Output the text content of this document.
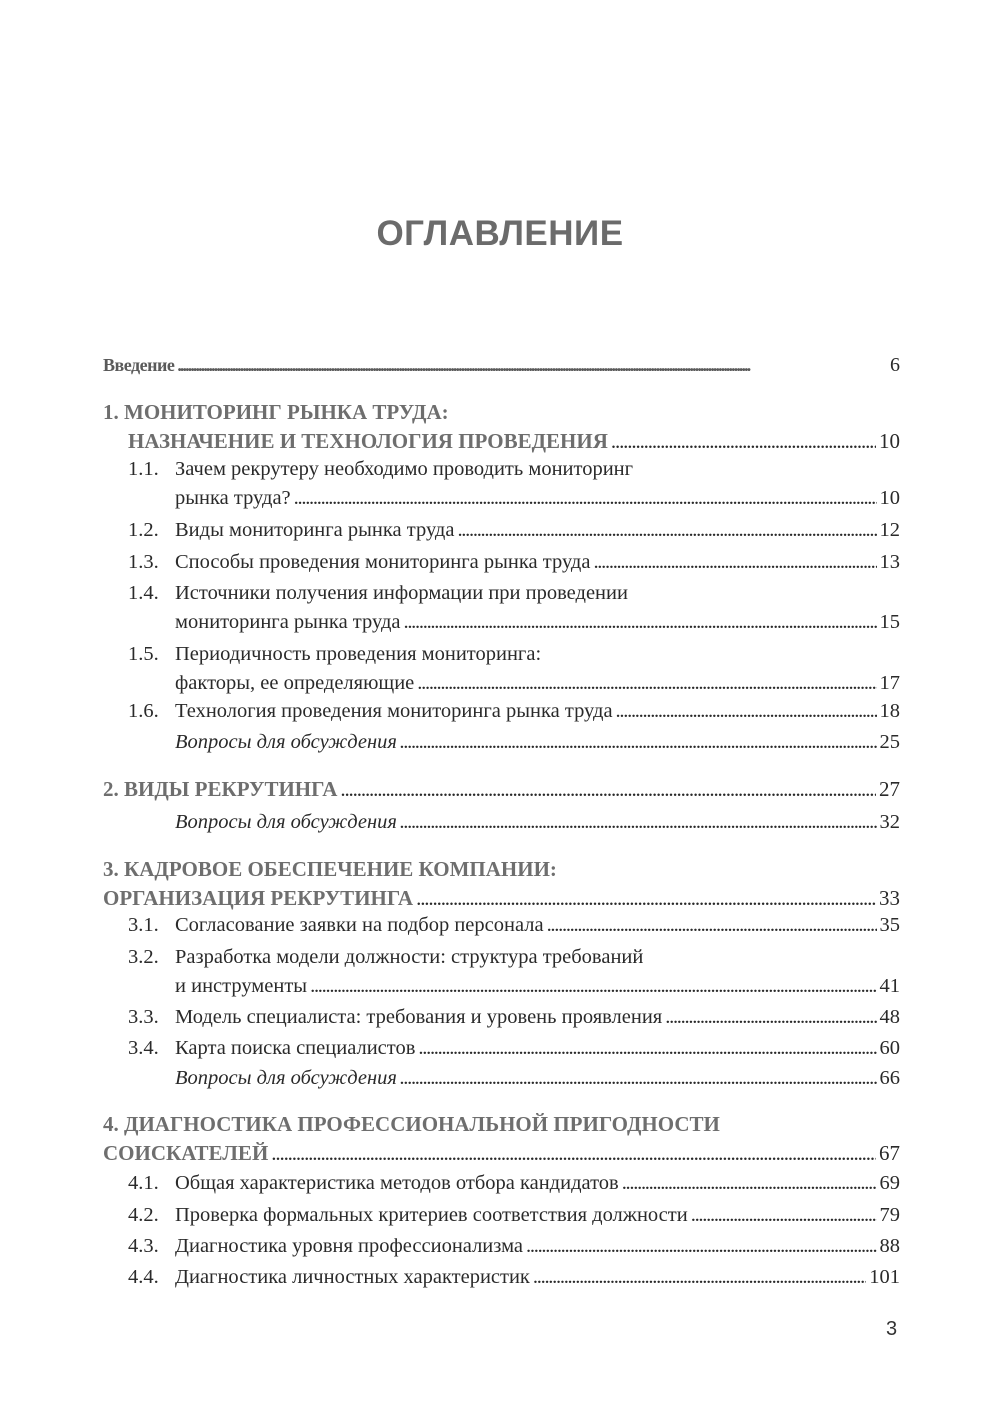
ОГЛАВЛЕНИЕ
Введение . . .	6
1. МОНИТОРИНГ РЫНКА ТРУДА:
НАЗНАЧЕНИЕ И ТЕХНОЛОГИЯ ПРОВЕДЕНИЯ . . .	10
1.1. Зачем рекрутеру необходимо проводить мониторинг
рынка труда? . . .	10
1.2. Виды мониторинга рынка труда . . .	12
1.3. Способы проведения мониторинга рынка труда . . .	13
1.4. Источники получения информации при проведении
мониторинга рынка труда . . .	15
1.5. Периодичность проведения мониторинга:
факторы, ее определяющие . . .	17
1.6. Технология проведения мониторинга рынка труда . . .	18
Вопросы для обсуждения . . .	25
2. ВИДЫ РЕКРУТИНГА . . .	27
Вопросы для обсуждения . . .	32
3. КАДРОВОЕ ОБЕСПЕЧЕНИЕ КОМПАНИИ:
ОРГАНИЗАЦИЯ РЕКРУТИНГА . . .	33
3.1. Согласование заявки на подбор персонала . . .	35
3.2. Разработка модели должности: структура требований
и инструменты . . .	41
3.3. Модель специалиста: требования и уровень проявления . . .	48
3.4. Карта поиска специалистов . . .	60
Вопросы для обсуждения . . .	66
4. ДИАГНОСТИКА ПРОФЕССИОНАЛЬНОЙ ПРИГОДНОСТИ
СОИСКАТЕЛЕЙ . . .	67
4.1. Общая характеристика методов отбора кандидатов . . .	69
4.2. Проверка формальных критериев соответствия должности . . .	79
4.3. Диагностика уровня профессионализма . . .	88
4.4. Диагностика личностных характеристик . . .	101
3
